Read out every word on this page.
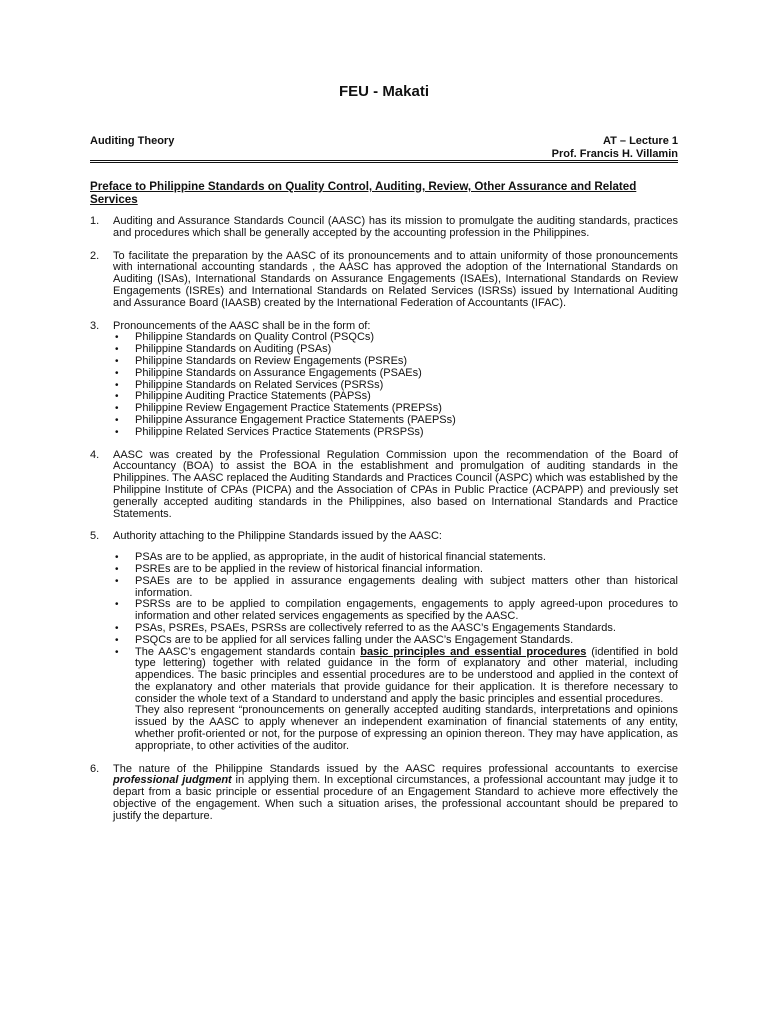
FEU - Makati
Auditing Theory	AT – Lecture 1
Prof. Francis H. Villamin
Preface to Philippine Standards on Quality Control, Auditing, Review, Other Assurance and Related Services
1. Auditing and Assurance Standards Council (AASC) has its mission to promulgate the auditing standards, practices and procedures which shall be generally accepted by the accounting profession in the Philippines.

2. To facilitate the preparation by the AASC of its pronouncements and to attain uniformity of those pronouncements with international accounting standards , the AASC has approved the adoption of the International Standards on Auditing (ISAs), International Standards on Assurance Engagements (ISAEs), International Standards on Review Engagements (ISREs) and International Standards on Related Services (ISRSs) issued by International Auditing and Assurance Board (IAASB) created by the International Federation of Accountants (IFAC).

3. Pronouncements of the AASC shall be in the form of:

• Philippine Standards on Quality Control (PSQCs)
• Philippine Standards on Auditing (PSAs)
• Philippine Standards on Review Engagements (PSREs)
• Philippine Standards on Assurance Engagements (PSAEs)
• Philippine Standards on Related Services (PSRSs)
• Philippine Auditing Practice Statements (PAPSs)
• Philippine Review Engagement Practice Statements (PREPSs)
• Philippine Assurance Engagement Practice Statements (PAEPSs)
• Philippine Related Services Practice Statements (PRSPSs)
4. AASC was created by the Professional Regulation Commission upon the recommendation of the Board of Accountancy (BOA) to assist the BOA in the establishment and promulgation of auditing standards in the Philippines. The AASC replaced the Auditing Standards and Practices Council (ASPC) which was established by the Philippine Institute of CPAs (PICPA) and the Association of CPAs in Public Practice (ACPAPP) and previously set generally accepted auditing standards in the Philippines, also based on International Standards and Practice Statements.

5. Authority attaching to the Philippine Standards issued by the AASC:

• PSAs are to be applied, as appropriate, in the audit of historical financial statements.
• PSREs are to be applied in the review of historical financial information.
• PSAEs are to be applied in assurance engagements dealing with subject matters other than historical information.
• PSRSs are to be applied to compilation engagements, engagements to apply agreed-upon procedures to information and other related services engagements as specified by the AASC.
• PSAs, PSREs, PSAEs, PSRSs are collectively referred to as the AASC’s Engagements Standards.
• PSQCs are to be applied for all services falling under the AASC’s Engagement Standards.
• The AASC’s engagement standards contain basic principles and essential procedures (identified in bold type lettering) together with related guidance in the form of explanatory and other material, including appendices. The basic principles and essential procedures are to be understood and applied in the context of the explanatory and other materials that provide guidance for their application. It is therefore necessary to consider the whole text of a Standard to understand and apply the basic principles and essential procedures.

They also represent “pronouncements on generally accepted auditing standards, interpretations and opinions issued by the AASC to apply whenever an independent examination of financial statements of any entity, whether profit-oriented or not, for the purpose of expressing an opinion thereon. They may have application, as appropriate, to other activities of the auditor.

6. The nature of the Philippine Standards issued by the AASC requires professional accountants to exercise professional judgment in applying them. In exceptional circumstances, a professional accountant may judge it to depart from a basic principle or essential procedure of an Engagement Standard to achieve more effectively the objective of the engagement. When such a situation arises, the professional accountant should be prepared to justify the departure.
